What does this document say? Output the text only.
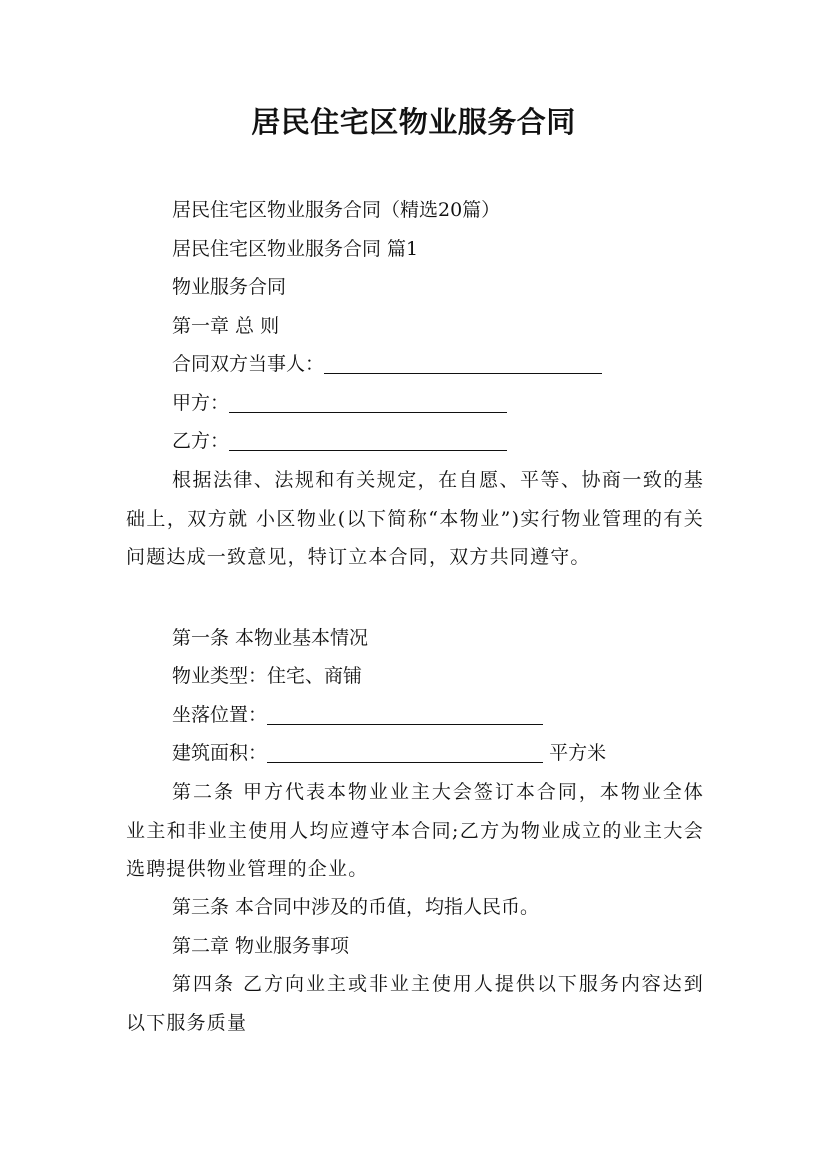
居民住宅区物业服务合同
居民住宅区物业服务合同（精选20篇）
居民住宅区物业服务合同 篇1
物业服务合同
第一章 总 则
合同双方当事人：
甲方：
乙方：
根据法律、法规和有关规定，在自愿、平等、协商一致的基础上，双方就 小区物业(以下简称“本物业”)实行物业管理的有关问题达成一致意见，特订立本合同，双方共同遵守。
第一条 本物业基本情况
物业类型：住宅、商铺
坐落位置：
建筑面积：	平方米
第二条 甲方代表本物业业主大会签订本合同，本物业全体业主和非业主使用人均应遵守本合同;乙方为物业成立的业主大会选聘提供物业管理的企业。
第三条 本合同中涉及的币值，均指人民币。
第二章 物业服务事项
第四条 乙方向业主或非业主使用人提供以下服务内容达到以下服务质量
